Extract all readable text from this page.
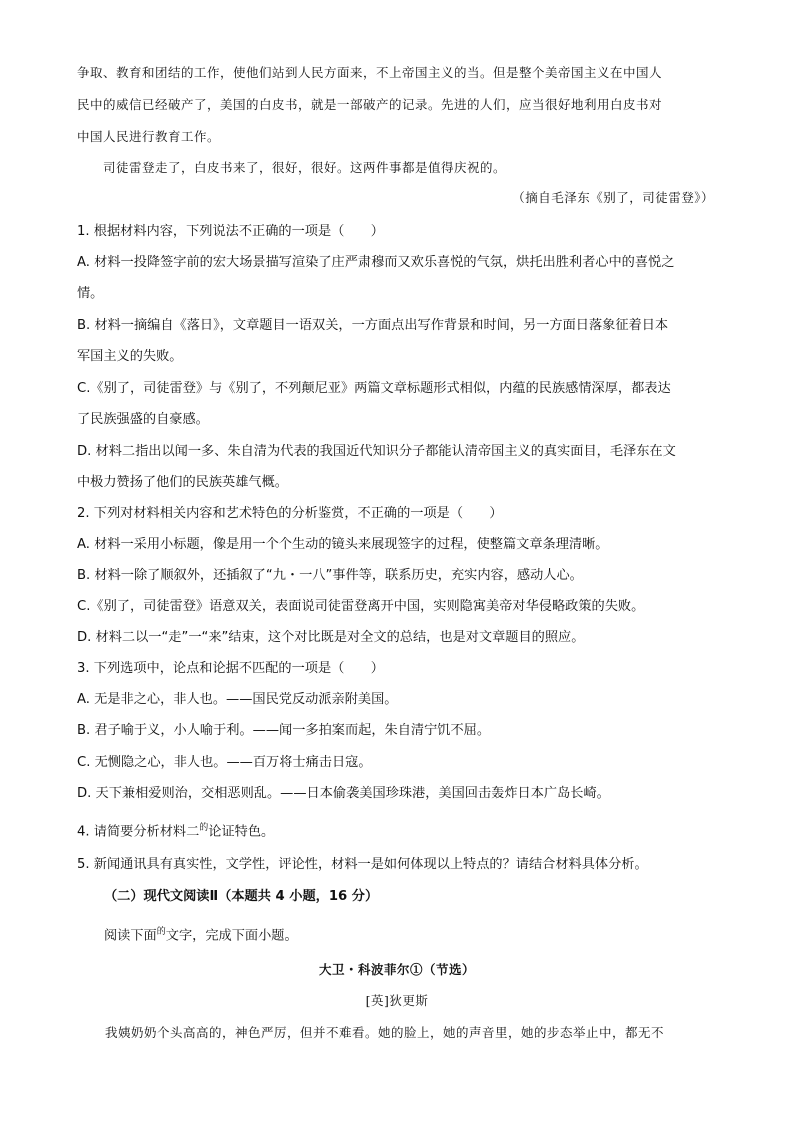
争取、教育和团结的工作，使他们站到人民方面来，不上帝国主义的当。但是整个美帝国主义在中国人
民中的威信已经破产了，美国的白皮书，就是一部破产的记录。先进的人们，应当很好地利用白皮书对
中国人民进行教育工作。
司徒雷登走了，白皮书来了，很好，很好。这两件事都是值得庆祝的。
（摘自毛泽东《别了，司徒雷登》）
1. 根据材料内容，下列说法不正确的一项是（　　）
A. 材料一投降签字前的宏大场景描写渲染了庄严肃穆而又欢乐喜悦的气氛，烘托出胜利者心中的喜悦之
情。
B. 材料一摘编自《落日》，文章题目一语双关，一方面点出写作背景和时间，另一方面日落象征着日本
军国主义的失败。
C.《别了，司徒雷登》与《别了，不列颠尼亚》两篇文章标题形式相似，内蕴的民族感情深厚，都表达
了民族强盛的自豪感。
D. 材料二指出以闻一多、朱自清为代表的我国近代知识分子都能认清帝国主义的真实面目，毛泽东在文
中极力赞扬了他们的民族英雄气概。
2. 下列对材料相关内容和艺术特色的分析鉴赏，不正确的一项是（　　）
A. 材料一采用小标题，像是用一个个生动的镜头来展现签字的过程，使整篇文章条理清晰。
B. 材料一除了顺叙外，还插叙了“九・一八”事件等，联系历史，充实内容，感动人心。
C.《别了，司徒雷登》语意双关，表面说司徒雷登离开中国，实则隐寓美帝对华侵略政策的失败。
D. 材料二以一“走”一“来”结束，这个对比既是对全文的总结，也是对文章题目的照应。
3. 下列选项中，论点和论据不匹配的一项是（　　）
A. 无是非之心，非人也。——国民党反动派亲附美国。
B. 君子喻于义，小人喻于利。——闻一多拍案而起，朱自清宁饥不屈。
C. 无恻隐之心，非人也。——百万将士痛击日寇。
D. 天下兼相爱则治，交相恶则乱。——日本偷袭美国珍珠港，美国回击轰炸日本广岛长崎。
4. 请简要分析材料二$^的$论证特色。
5. 新闻通讯具有真实性，文学性，评论性，材料一是如何体现以上特点的？请结合材料具体分析。
（二）现代文阅读Ⅱ（本题共 4 小题，16 分）
阅读下面$^的$文字，完成下面小题。
大卫・科波菲尔①（节选）
[英]狄更斯
我姨奶奶个头高高的，神色严厉，但并不难看。她的脸上，她的声音里，她的步态举止中，都无不
